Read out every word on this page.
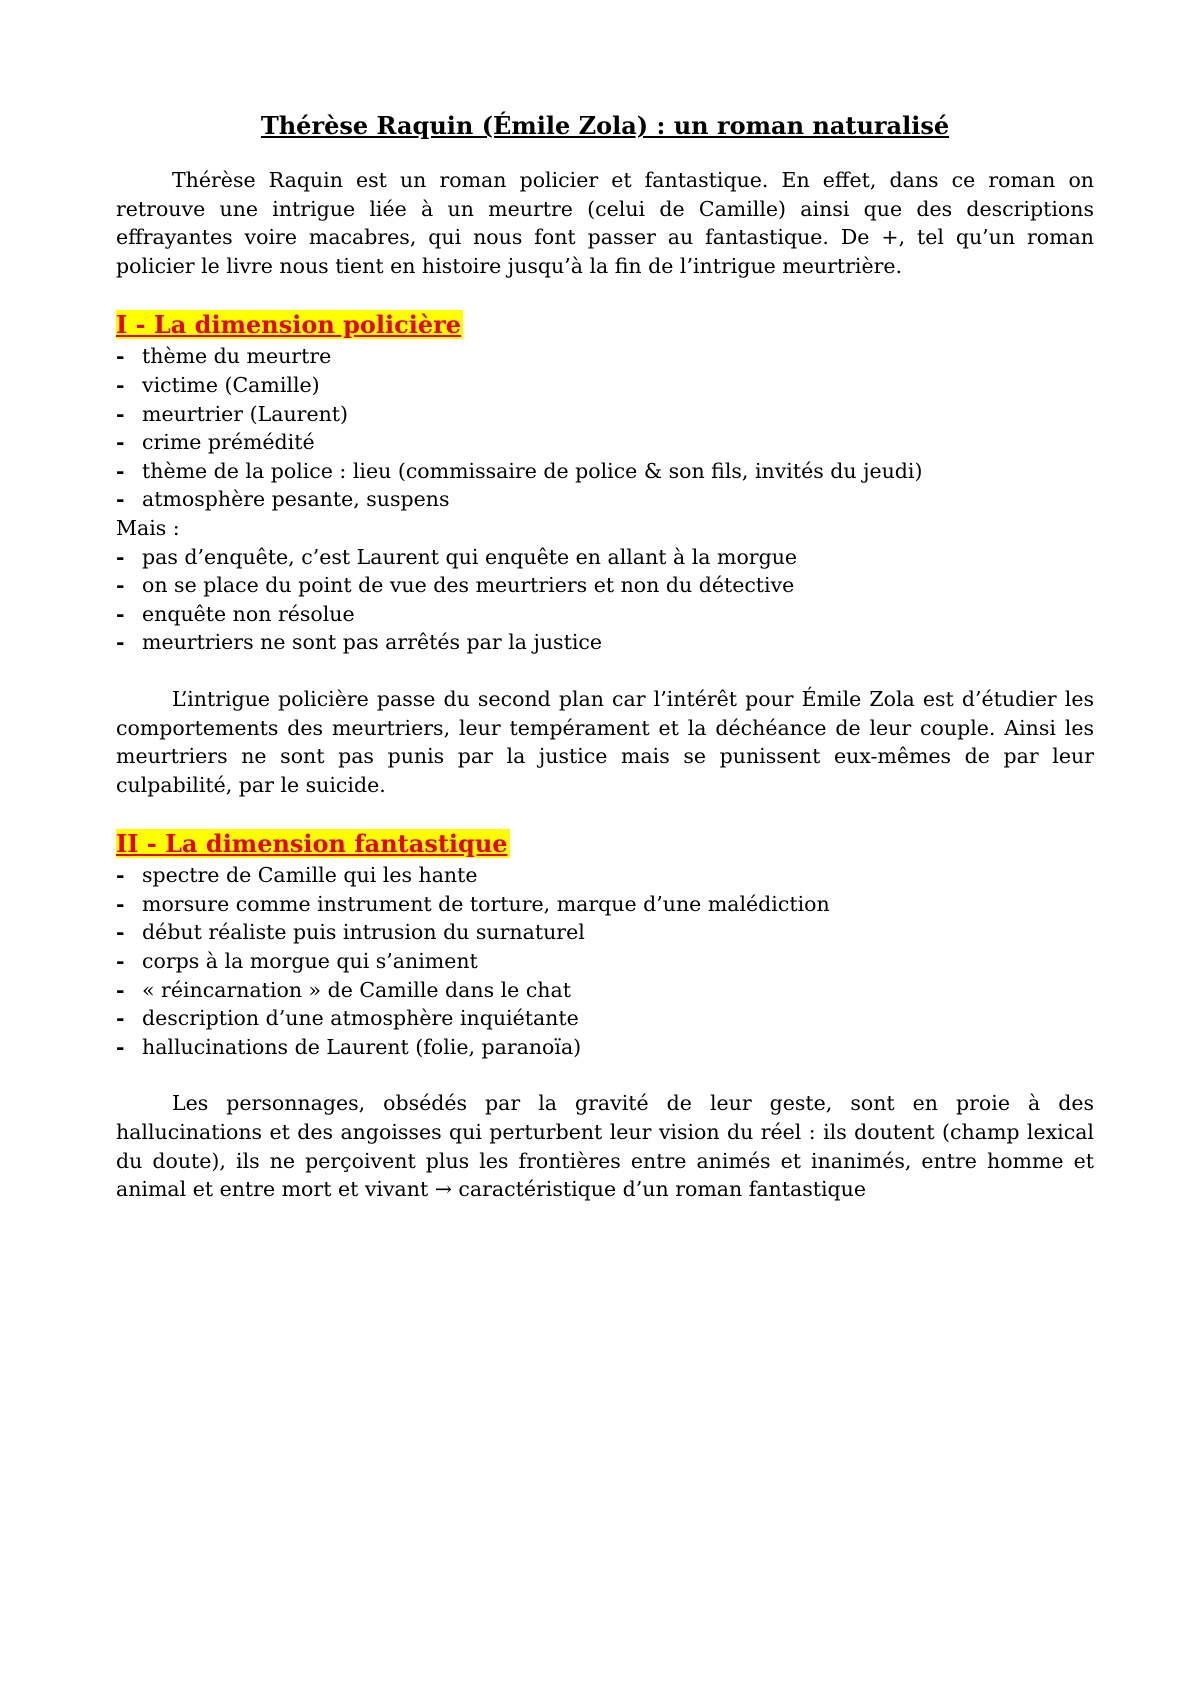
Thérèse Raquin (Émile Zola) : un roman naturalisé

Thérèse Raquin est un roman policier et fantastique. En effet, dans ce roman on retrouve une intrigue liée à un meurtre (celui de Camille) ainsi que des descriptions effrayantes voire macabres, qui nous font passer au fantastique. De +, tel qu’un roman policier le livre nous tient en histoire jusqu’à la fin de l’intrigue meurtrière.

I - La dimension policière
- thème du meurtre
- victime (Camille)
- meurtrier (Laurent)
- crime prémédité
- thème de la police : lieu (commissaire de police & son fils, invités du jeudi)
- atmosphère pesante, suspens

Mais :

- pas d’enquête, c’est Laurent qui enquête en allant à la morgue
- on se place du point de vue des meurtriers et non du détective
- enquête non résolue
- meurtriers ne sont pas arrêtés par la justice

L’intrigue policière passe du second plan car l’intérêt pour Émile Zola est d’étudier les comportements des meurtriers, leur tempérament et la déchéance de leur couple. Ainsi les meurtriers ne sont pas punis par la justice mais se punissent eux-mêmes de par leur culpabilité, par le suicide.

II - La dimension fantastique
- spectre de Camille qui les hante
- morsure comme instrument de torture, marque d’une malédiction
- début réaliste puis intrusion du surnaturel
- corps à la morgue qui s’animent
- « réincarnation » de Camille dans le chat
- description d’une atmosphère inquiétante
- hallucinations de Laurent (folie, paranoïa)

Les personnages, obsédés par la gravité de leur geste, sont en proie à des hallucinations et des angoisses qui perturbent leur vision du réel : ils doutent (champ lexical du doute), ils ne perçoivent plus les frontières entre animés et inanimés, entre homme et animal et entre mort et vivant → caractéristique d’un roman fantastique
